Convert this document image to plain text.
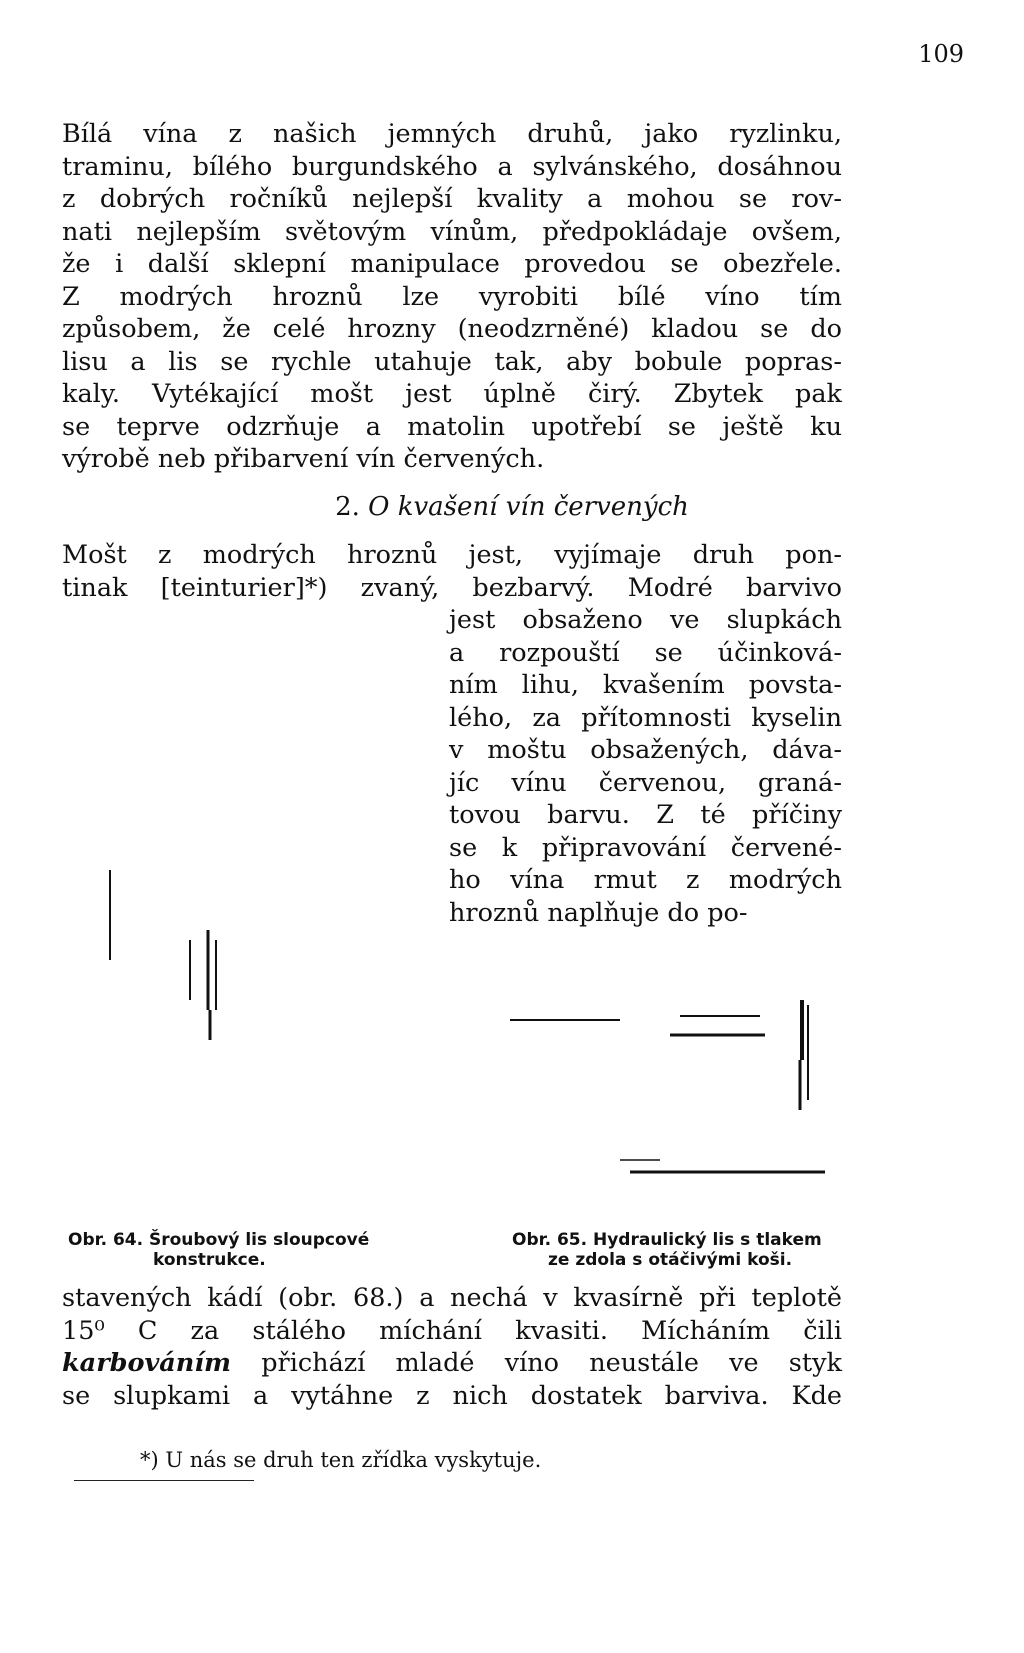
109

Bílá vína z našich jemných druhů, jako ryzlinku,
traminu, bílého burgundského a sylvánského, dosáhnou
z dobrých ročníků nejlepší kvality a mohou se rov-
nati nejlepším světovým vínům, předpokládaje ovšem,
že i další sklepní manipulace provedou se obezřele.
Z modrých hroznů lze vyrobiti bílé víno tím
způsobem, že celé hrozny (neodzrněné) kladou se do
lisu a lis se rychle utahuje tak, aby bobule popras-
kaly. Vytékající mošt jest úplně čirý. Zbytek pak
se teprve odzrňuje a matolin upotřebí se ještě ku
výrobě neb přibarvení vín červených.

2. O kvašení vín červených

Mošt z modrých hroznů jest, vyjímaje druh pon-
tinak [teinturier]*) zvaný, bezbarvý. Modré barvivo

jest obsaženo ve slupkách
a rozpouští se účinková-
ním lihu, kvašením povsta-
lého, za přítomnosti kyselin
v moštu obsažených, dáva-
jíc vínu červenou, graná-
tovou barvu. Z té příčiny
se k připravování červené-
ho vína rmut z modrých
hroznů naplňuje do po-

Obr. 64. Šroubový lis sloupcové
konstrukce.
Obr. 65. Hydraulický lis s tlakem
ze zdola s otáčivými koši.

stavených kádí (obr. 68.) a nechá v kvasírně při teplotě
15⁰ C za stálého míchání kvasiti. Mícháním čili
karbováním přichází mladé víno neustále ve styk
se slupkami a vytáhne z nich dostatek barviva. Kde

*) U nás se druh ten zřídka vyskytuje.
